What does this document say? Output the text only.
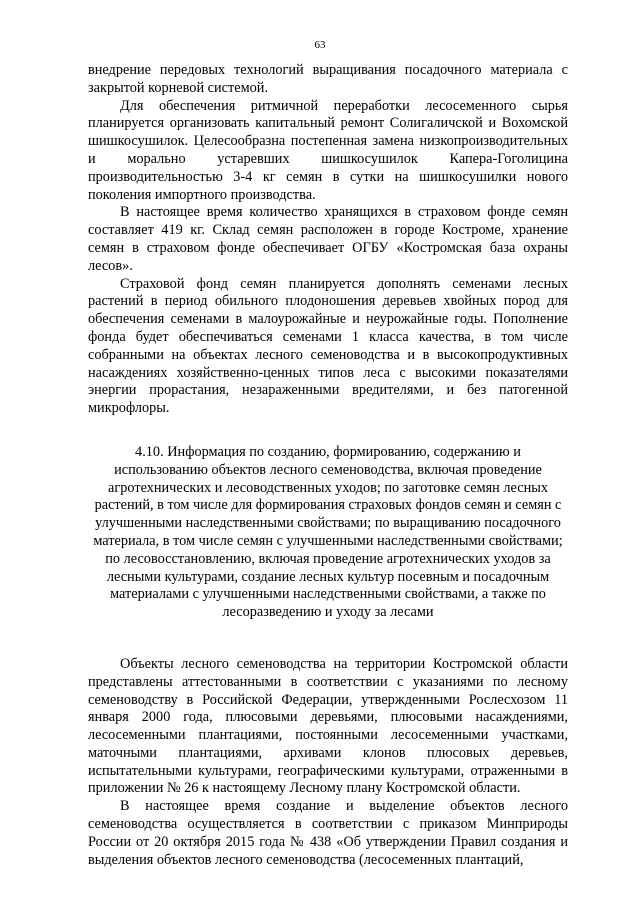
63

внедрение передовых технологий выращивания посадочного материала с закрытой корневой системой.

Для обеспечения ритмичной переработки лесосеменного сырья планируется организовать капитальный ремонт Солигаличской и Вохомской шишкосушилок. Целесообразна постепенная замена низкопроизводительных и морально устаревших шишкосушилок Капера-Гоголицина производительностью 3-4 кг семян в сутки на шишкосушилки нового поколения импортного производства.

В настоящее время количество хранящихся в страховом фонде семян составляет 419 кг. Склад семян расположен в городе Костроме, хранение семян в страховом фонде обеспечивает ОГБУ «Костромская база охраны лесов».

Страховой фонд семян планируется дополнять семенами лесных растений в период обильного плодоношения деревьев хвойных пород для обеспечения семенами в малоурожайные и неурожайные годы. Пополнение фонда будет обеспечиваться семенами 1 класса качества, в том числе собранными на объектах лесного семеноводства и в высокопродуктивных насаждениях хозяйственно-ценных типов леса с высокими показателями энергии прорастания, незараженными вредителями, и без патогенной микрофлоры.

4.10. Информация по созданию, формированию, содержанию и использованию объектов лесного семеноводства, включая проведение агротехнических и лесоводственных уходов; по заготовке семян лесных растений, в том числе для формирования страховых фондов семян и семян с улучшенными наследственными свойствами; по выращиванию посадочного материала, в том числе семян с улучшенными наследственными свойствами; по лесовосстановлению, включая проведение агротехнических уходов за лесными культурами, создание лесных культур посевным и посадочным материалами с улучшенными наследственными свойствами, а также по лесоразведению и уходу за лесами

Объекты лесного семеноводства на территории Костромской области представлены аттестованными в соответствии с указаниями по лесному семеноводству в Российской Федерации, утвержденными Рослесхозом 11 января 2000 года, плюсовыми деревьями, плюсовыми насаждениями, лесосеменными плантациями, постоянными лесосеменными участками, маточными плантациями, архивами клонов плюсовых деревьев, испытательными культурами, географическими культурами, отраженными в приложении № 26 к настоящему Лесному плану Костромской области.

В настоящее время создание и выделение объектов лесного семеноводства осуществляется в соответствии с приказом Минприроды России от 20 октября 2015 года № 438 «Об утверждении Правил создания и выделения объектов лесного семеноводства (лесосеменных плантаций,
